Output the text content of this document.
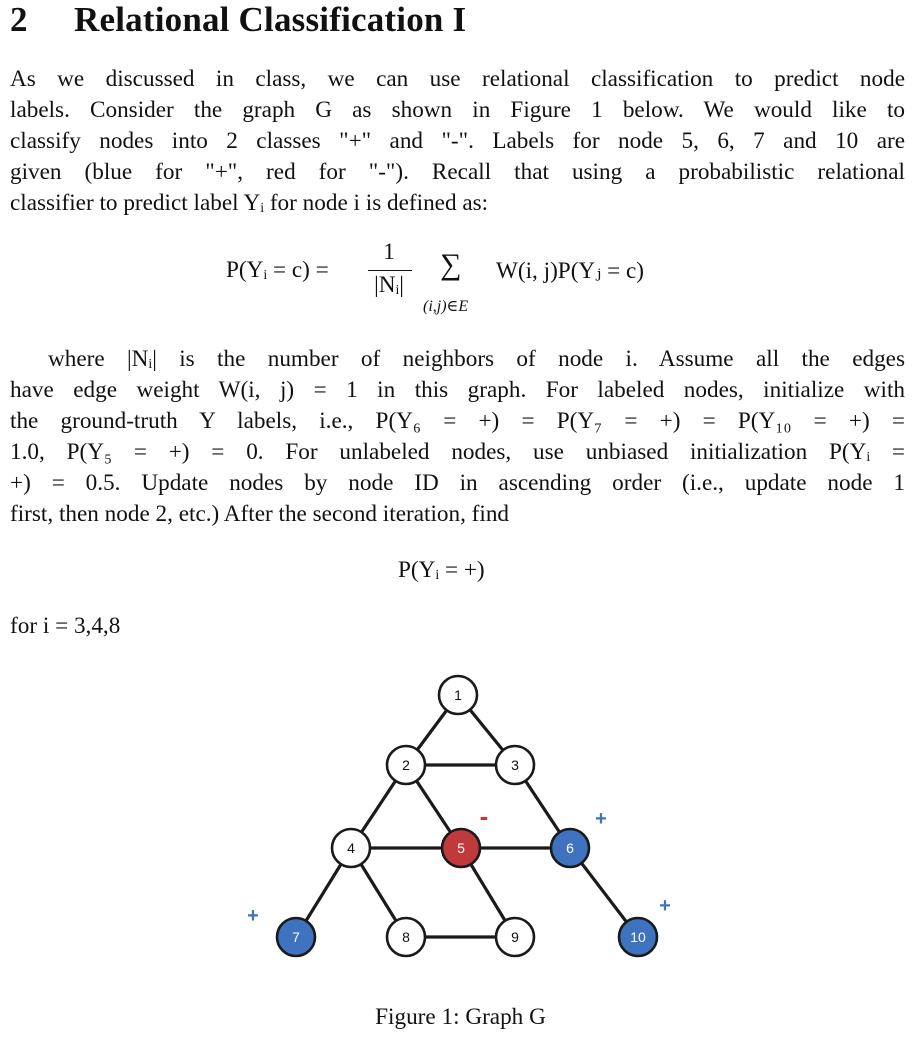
2 Relational Classification I
As we discussed in class, we can use relational classification to predict node
labels. Consider the graph G as shown in Figure 1 below. We would like to
classify nodes into 2 classes "+" and "-". Labels for node 5, 6, 7 and 10 are
given (blue for "+", red for "-"). Recall that using a probabilistic relational
classifier to predict label Yᵢ for node i is defined as:
P(Yᵢ = c) =
1
|Nᵢ|
∑
(i,j)∈E
W(i, j)P(Yⱼ = c)
where |Nᵢ| is the number of neighbors of node i. Assume all the edges
have edge weight W(i, j) = 1 in this graph. For labeled nodes, initialize with
the ground-truth Y labels, i.e., P(Y₆ = +) = P(Y₇ = +) = P(Y₁₀ = +) =
1.0, P(Y₅ = +) = 0. For unlabeled nodes, use unbiased initialization P(Yᵢ =
+) = 0.5. Update nodes by node ID in ascending order (i.e., update node 1
first, then node 2, etc.) After the second iteration, find
P(Yᵢ = +)
for i = 3,4,8
1
2	3
4	5
-
6
+
7
+
8	9	10
+
Figure 1: Graph G
